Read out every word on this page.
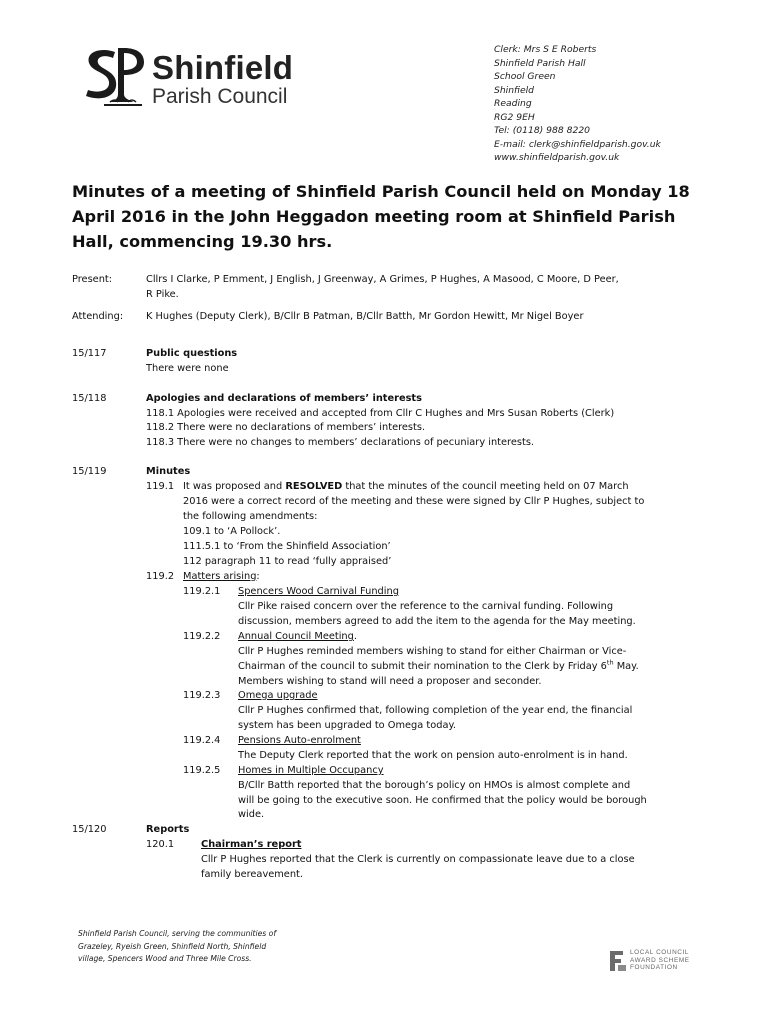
Shinfield
Parish Council
Clerk: Mrs S E Roberts
Shinfield Parish Hall
School Green
Shinfield
Reading
RG2 9EH
Tel: (0118) 988 8220
E-mail: clerk@shinfieldparish.gov.uk
www.shinfieldparish.gov.uk
Minutes of a meeting of Shinfield Parish Council held on Monday 18 April 2016 in the John Heggadon meeting room at Shinfield Parish Hall, commencing 19.30 hrs.
Present:	Cllrs I Clarke, P Emment, J English, J Greenway, A Grimes, P Hughes, A Masood, C Moore, D Peer,
R Pike.
Attending: K Hughes (Deputy Clerk), B/Cllr B Patman, B/Cllr Batth, Mr Gordon Hewitt, Mr Nigel Boyer
15/117	Public questions
There were none
15/118	Apologies and declarations of members’ interests
118.1 Apologies were received and accepted from Cllr C Hughes and Mrs Susan Roberts (Clerk)
118.2 There were no declarations of members’ interests.
118.3 There were no changes to members’ declarations of pecuniary interests.
15/119	Minutes
119.1 It was proposed and RESOLVED that the minutes of the council meeting held on 07 March
2016 were a correct record of the meeting and these were signed by Cllr P Hughes, subject to
the following amendments:
109.1 to ‘A Pollock’.
111.5.1 to ‘From the Shinfield Association’
112 paragraph 11 to read ‘fully appraised’
119.2 Matters arising:
119.2.1 Spencers Wood Carnival Funding
Cllr Pike raised concern over the reference to the carnival funding. Following
discussion, members agreed to add the item to the agenda for the May meeting.
119.2.2 Annual Council Meeting.
Cllr P Hughes reminded members wishing to stand for either Chairman or Vice-
Chairman of the council to submit their nomination to the Clerk by Friday 6th May.
Members wishing to stand will need a proposer and seconder.
119.2.3 Omega upgrade
Cllr P Hughes confirmed that, following completion of the year end, the financial
system has been upgraded to Omega today.
119.2.4 Pensions Auto-enrolment
The Deputy Clerk reported that the work on pension auto-enrolment is in hand.
119.2.5 Homes in Multiple Occupancy
B/Cllr Batth reported that the borough’s policy on HMOs is almost complete and
will be going to the executive soon. He confirmed that the policy would be borough
wide.
15/120	Reports
120.1	Chairman’s report
Cllr P Hughes reported that the Clerk is currently on compassionate leave due to a close
family bereavement.
Shinfield Parish Council, serving the communities of
Grazeley, Ryeish Green, Shinfield North, Shinfield
village, Spencers Wood and Three Mile Cross.
LOCAL COUNCIL
AWARD SCHEME
FOUNDATION
